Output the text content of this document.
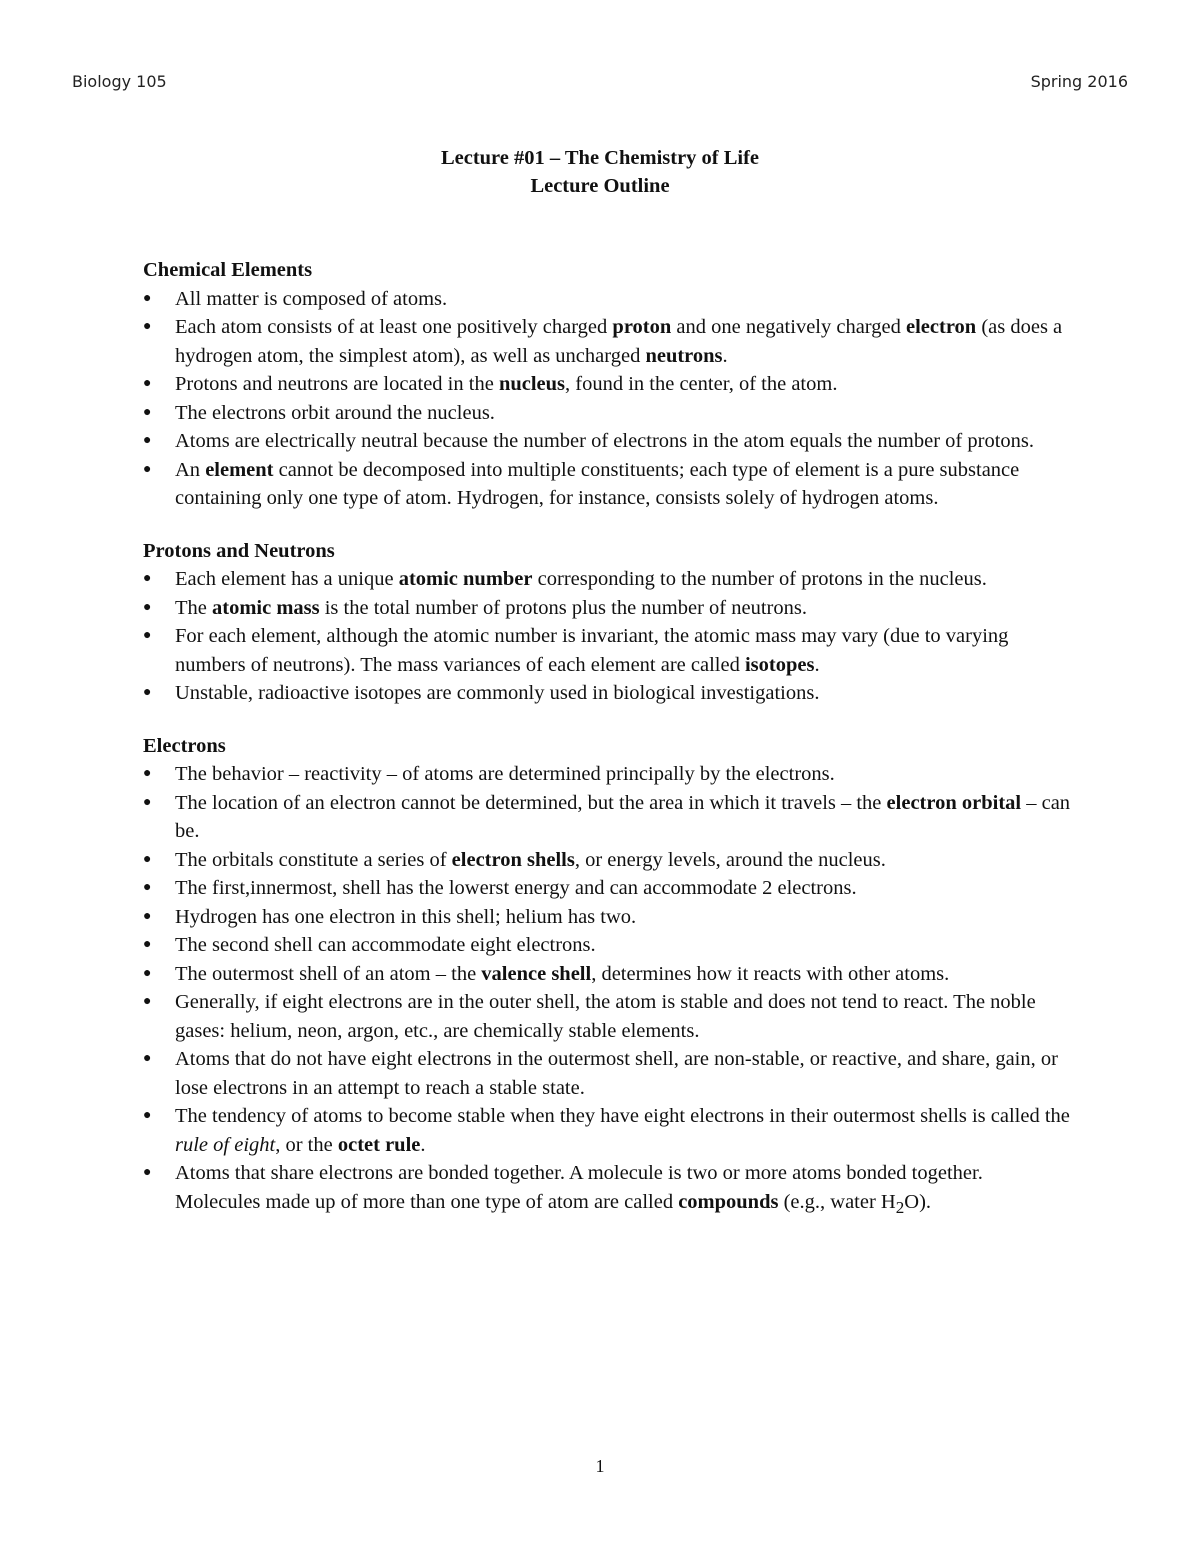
Biology 105	Spring 2016
Lecture #01 – The Chemistry of Life
Lecture Outline
Chemical Elements
●	All matter is composed of atoms.
●	Each atom consists of at least one positively charged proton and one negatively charged electron (as does a hydrogen atom, the simplest atom), as well as uncharged neutrons.
●	Protons and neutrons are located in the nucleus, found in the center, of the atom.
●	The electrons orbit around the nucleus.
●	Atoms are electrically neutral because the number of electrons in the atom equals the number of protons.
●	An element cannot be decomposed into multiple constituents; each type of element is a pure substance containing only one type of atom. Hydrogen, for instance, consists solely of hydrogen atoms.
Protons and Neutrons
●	Each element has a unique atomic number corresponding to the number of protons in the nucleus.
●	The atomic mass is the total number of protons plus the number of neutrons.
●	For each element, although the atomic number is invariant, the atomic mass may vary (due to varying numbers of neutrons). The mass variances of each element are called isotopes.
●	Unstable, radioactive isotopes are commonly used in biological investigations.
Electrons
●	The behavior – reactivity – of atoms are determined principally by the electrons.
●	The location of an electron cannot be determined, but the area in which it travels – the electron orbital – can be.
●	The orbitals constitute a series of electron shells, or energy levels, around the nucleus.
●	The first,innermost, shell has the lowerst energy and can accommodate 2 electrons.
●	Hydrogen has one electron in this shell; helium has two.
●	The second shell can accommodate eight electrons.
●	The outermost shell of an atom – the valence shell, determines how it reacts with other atoms.
●	Generally, if eight electrons are in the outer shell, the atom is stable and does not tend to react. The noble gases: helium, neon, argon, etc., are chemically stable elements.
●	Atoms that do not have eight electrons in the outermost shell, are non-stable, or reactive, and share, gain, or lose electrons in an attempt to reach a stable state.
●	The tendency of atoms to become stable when they have eight electrons in their outermost shells is called the rule of eight, or the octet rule.
●	Atoms that share electrons are bonded together. A molecule is two or more atoms bonded together. Molecules made up of more than one type of atom are called compounds (e.g., water $H_2O$).
1
